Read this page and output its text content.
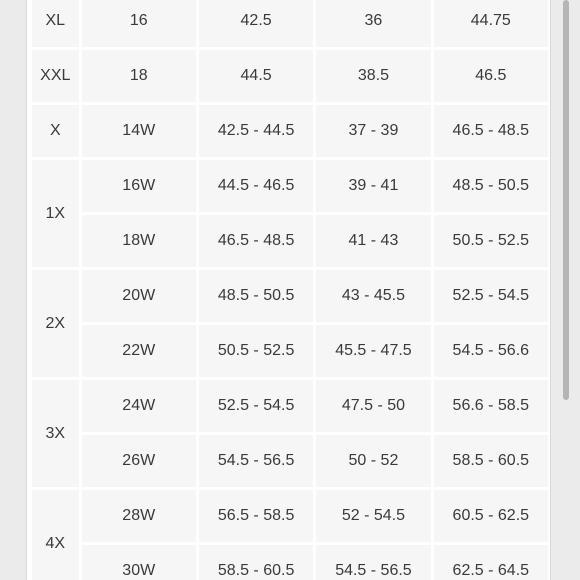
XL	16	42.5	36	44.75
XXL	18	44.5	38.5	46.5
X	14W	42.5 - 44.5	37 - 39	46.5 - 48.5
1X	16W	44.5 - 46.5	39 - 41	48.5 - 50.5
	18W	46.5 - 48.5	41 - 43	50.5 - 52.5
2X	20W	48.5 - 50.5	43 - 45.5	52.5 - 54.5
	22W	50.5 - 52.5	45.5 - 47.5	54.5 - 56.6
3X	24W	52.5 - 54.5	47.5 - 50	56.6 - 58.5
	26W	54.5 - 56.5	50 - 52	58.5 - 60.5
4X	28W	56.5 - 58.5	52 - 54.5	60.5 - 62.5
	30W	58.5 - 60.5	54.5 - 56.5	62.5 - 64.5
